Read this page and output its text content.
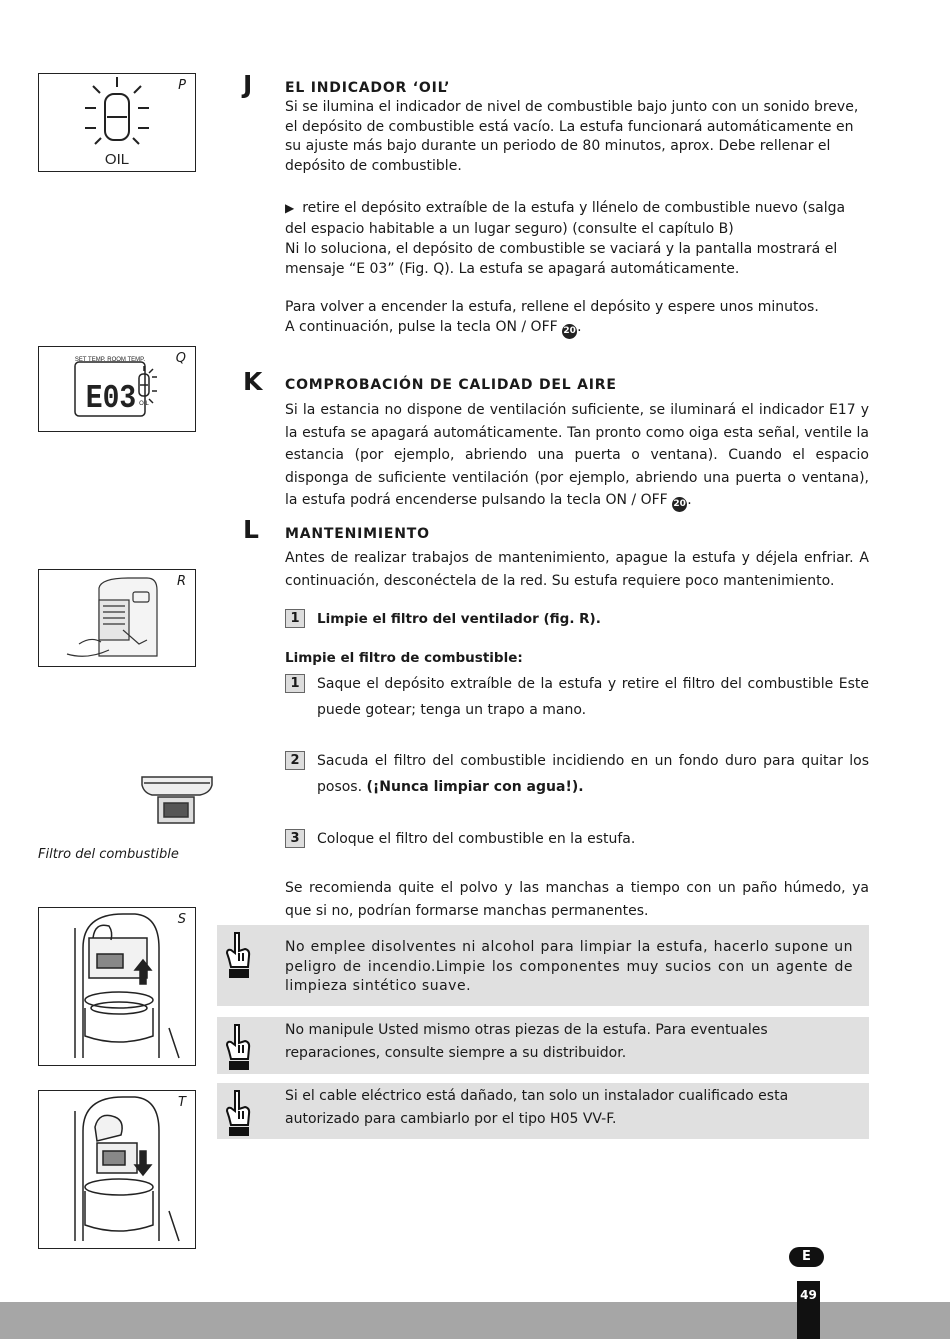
P
OIL
Q
SET TEMP. ROOM TEMP.
E03 OIL
R
Filtro del combustible
S
T
J EL INDICADOR ‘OIL’
Si se ilumina el indicador de nivel de combustible bajo junto con un sonido breve, el depósito de combustible está vacío. La estufa funcionará automáticamente en su ajuste más bajo durante un periodo de 80 minutos, aprox. Debe rellenar el depósito de combustible.
▶ retire el depósito extraíble de la estufa y llénelo de combustible nuevo (salga del espacio habitable a un lugar seguro) (consulte el capítulo B)
Ni lo soluciona, el depósito de combustible se vaciará y la pantalla mostrará el mensaje “E 03” (Fig. Q). La estufa se apagará automáticamente.
Para volver a encender la estufa, rellene el depósito y espere unos minutos.
A continuación, pulse la tecla ON / OFF 20.
K COMPROBACIÓN DE CALIDAD DEL AIRE
Si la estancia no dispone de ventilación suficiente, se iluminará el indicador E17 y la estufa se apagará automáticamente. Tan pronto como oiga esta señal, ventile la estancia (por ejemplo, abriendo una puerta o ventana). Cuando el espacio disponga de suficiente ventilación (por ejemplo, abriendo una puerta o ventana), la estufa podrá encenderse pulsando la tecla ON / OFF 20.
L MANTENIMIENTO
Antes de realizar trabajos de mantenimiento, apague la estufa y déjela enfriar. A continuación, desconéctela de la red. Su estufa requiere poco mantenimiento.
1	Limpie el filtro del ventilador (fig. R).
Limpie el filtro de combustible:
1	Saque el depósito extraíble de la estufa y retire el filtro del combustible Este puede gotear; tenga un trapo a mano.
2	Sacuda el filtro del combustible incidiendo en un fondo duro para quitar los posos. (¡Nunca limpiar con agua!).
3	Coloque el filtro del combustible en la estufa.
Se recomienda quite el polvo y las manchas a tiempo con un paño húmedo, ya que si no, podrían formarse manchas permanentes.
No emplee disolventes ni alcohol para limpiar la estufa, hacerlo supone un peligro de incendio.Limpie los componentes muy sucios con un agente de limpieza sintético suave.
No manipule Usted mismo otras piezas de la estufa. Para eventuales reparaciones, consulte siempre a su distribuidor.
Si el cable eléctrico está dañado, tan solo un instalador cualificado esta autorizado para cambiarlo por el tipo H05 VV-F.
E
49
